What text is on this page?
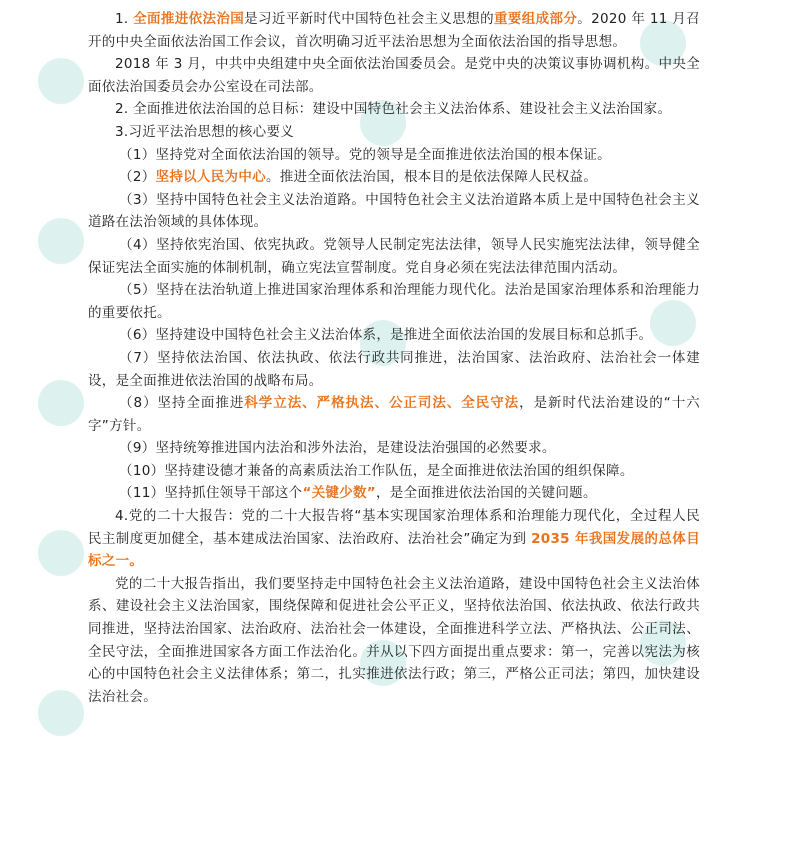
1. 全面推进依法治国是习近平新时代中国特色社会主义思想的重要组成部分。2020 年 11 月召开的中央全面依法治国工作会议，首次明确习近平法治思想为全面依法治国的指导思想。

2018 年 3 月，中共中央组建中央全面依法治国委员会。是党中央的决策议事协调机构。中央全面依法治国委员会办公室设在司法部。

2. 全面推进依法治国的总目标：建设中国特色社会主义法治体系、建设社会主义法治国家。

3.习近平法治思想的核心要义

（1）坚持党对全面依法治国的领导。党的领导是全面推进依法治国的根本保证。

（2）坚持以人民为中心。推进全面依法治国，根本目的是依法保障人民权益。

（3）坚持中国特色社会主义法治道路。中国特色社会主义法治道路本质上是中国特色社会主义道路在法治领域的具体体现。

（4）坚持依宪治国、依宪执政。党领导人民制定宪法法律，领导人民实施宪法法律，领导健全保证宪法全面实施的体制机制，确立宪法宣誓制度。党自身必须在宪法法律范围内活动。

（5）坚持在法治轨道上推进国家治理体系和治理能力现代化。法治是国家治理体系和治理能力的重要依托。

（6）坚持建设中国特色社会主义法治体系，是推进全面依法治国的发展目标和总抓手。

（7）坚持依法治国、依法执政、依法行政共同推进，法治国家、法治政府、法治社会一体建设，是全面推进依法治国的战略布局。

（8）坚持全面推进科学立法、严格执法、公正司法、全民守法，是新时代法治建设的“十六字”方针。

（9）坚持统筹推进国内法治和涉外法治，是建设法治强国的必然要求。

（10）坚持建设德才兼备的高素质法治工作队伍，是全面推进依法治国的组织保障。

（11）坚持抓住领导干部这个“关键少数”，是全面推进依法治国的关键问题。

4.党的二十大报告：党的二十大报告将“基本实现国家治理体系和治理能力现代化，全过程人民民主制度更加健全，基本建成法治国家、法治政府、法治社会”确定为到 2035 年我国发展的总体目标之一。

党的二十大报告指出，我们要坚持走中国特色社会主义法治道路，建设中国特色社会主义法治体系、建设社会主义法治国家，围绕保障和促进社会公平正义，坚持依法治国、依法执政、依法行政共同推进，坚持法治国家、法治政府、法治社会一体建设，全面推进科学立法、严格执法、公正司法、全民守法，全面推进国家各方面工作法治化。并从以下四方面提出重点要求：第一，完善以宪法为核心的中国特色社会主义法律体系；第二，扎实推进依法行政；第三，严格公正司法；第四，加快建设法治社会。
